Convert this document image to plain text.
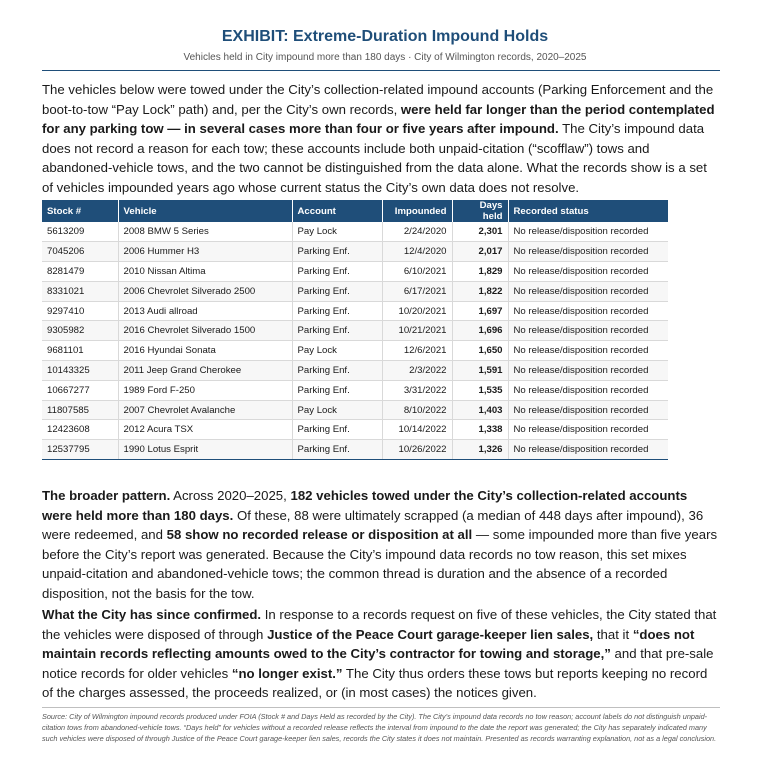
EXHIBIT: Extreme-Duration Impound Holds
Vehicles held in City impound more than 180 days · City of Wilmington records, 2020–2025

The vehicles below were towed under the City’s collection-related impound accounts (Parking Enforcement and the boot-to-tow “Pay Lock” path) and, per the City’s own records, were held far longer than the period contemplated for any parking tow — in several cases more than four or five years after impound. The City’s impound data does not record a reason for each tow; these accounts include both unpaid-citation (“scofflaw”) tows and abandoned-vehicle tows, and the two cannot be distinguished from the data alone. What the records show is a set of vehicles impounded years ago whose current status the City’s own data does not resolve.

Stock #	Vehicle	Account	Impounded	Days held	Recorded status
5613209	2008 BMW 5 Series	Pay Lock	2/24/2020	2,301	No release/disposition recorded
7045206	2006 Hummer H3	Parking Enf.	12/4/2020	2,017	No release/disposition recorded
8281479	2010 Nissan Altima	Parking Enf.	6/10/2021	1,829	No release/disposition recorded
8331021	2006 Chevrolet Silverado 2500	Parking Enf.	6/17/2021	1,822	No release/disposition recorded
9297410	2013 Audi allroad	Parking Enf.	10/20/2021	1,697	No release/disposition recorded
9305982	2016 Chevrolet Silverado 1500	Parking Enf.	10/21/2021	1,696	No release/disposition recorded
9681101	2016 Hyundai Sonata	Pay Lock	12/6/2021	1,650	No release/disposition recorded
10143325	2011 Jeep Grand Cherokee	Parking Enf.	2/3/2022	1,591	No release/disposition recorded
10667277	1989 Ford F-250	Parking Enf.	3/31/2022	1,535	No release/disposition recorded
11807585	2007 Chevrolet Avalanche	Pay Lock	8/10/2022	1,403	No release/disposition recorded
12423608	2012 Acura TSX	Parking Enf.	10/14/2022	1,338	No release/disposition recorded
12537795	1990 Lotus Esprit	Parking Enf.	10/26/2022	1,326	No release/disposition recorded

The broader pattern. Across 2020–2025, 182 vehicles towed under the City’s collection-related accounts were held more than 180 days. Of these, 88 were ultimately scrapped (a median of 448 days after impound), 36 were redeemed, and 58 show no recorded release or disposition at all — some impounded more than five years before the City’s report was generated. Because the City’s impound data records no tow reason, this set mixes unpaid-citation and abandoned-vehicle tows; the common thread is duration and the absence of a recorded disposition, not the basis for the tow.

What the City has since confirmed. In response to a records request on five of these vehicles, the City stated that the vehicles were disposed of through Justice of the Peace Court garage-keeper lien sales, that it “does not maintain records reflecting amounts owed to the City’s contractor for towing and storage,” and that pre-sale notice records for older vehicles “no longer exist.” The City thus orders these tows but reports keeping no record of the charges assessed, the proceeds realized, or (in most cases) the notices given.

Source: City of Wilmington impound records produced under FOIA (Stock # and Days Held as recorded by the City). The City’s impound data records no tow reason; account labels do not distinguish unpaid-citation tows from abandoned-vehicle tows. “Days held” for vehicles without a recorded release reflects the interval from impound to the date the report was generated; the City has separately indicated many such vehicles were disposed of through Justice of the Peace Court garage-keeper lien sales, records the City states it does not maintain. Presented as records warranting explanation, not as a legal conclusion.
